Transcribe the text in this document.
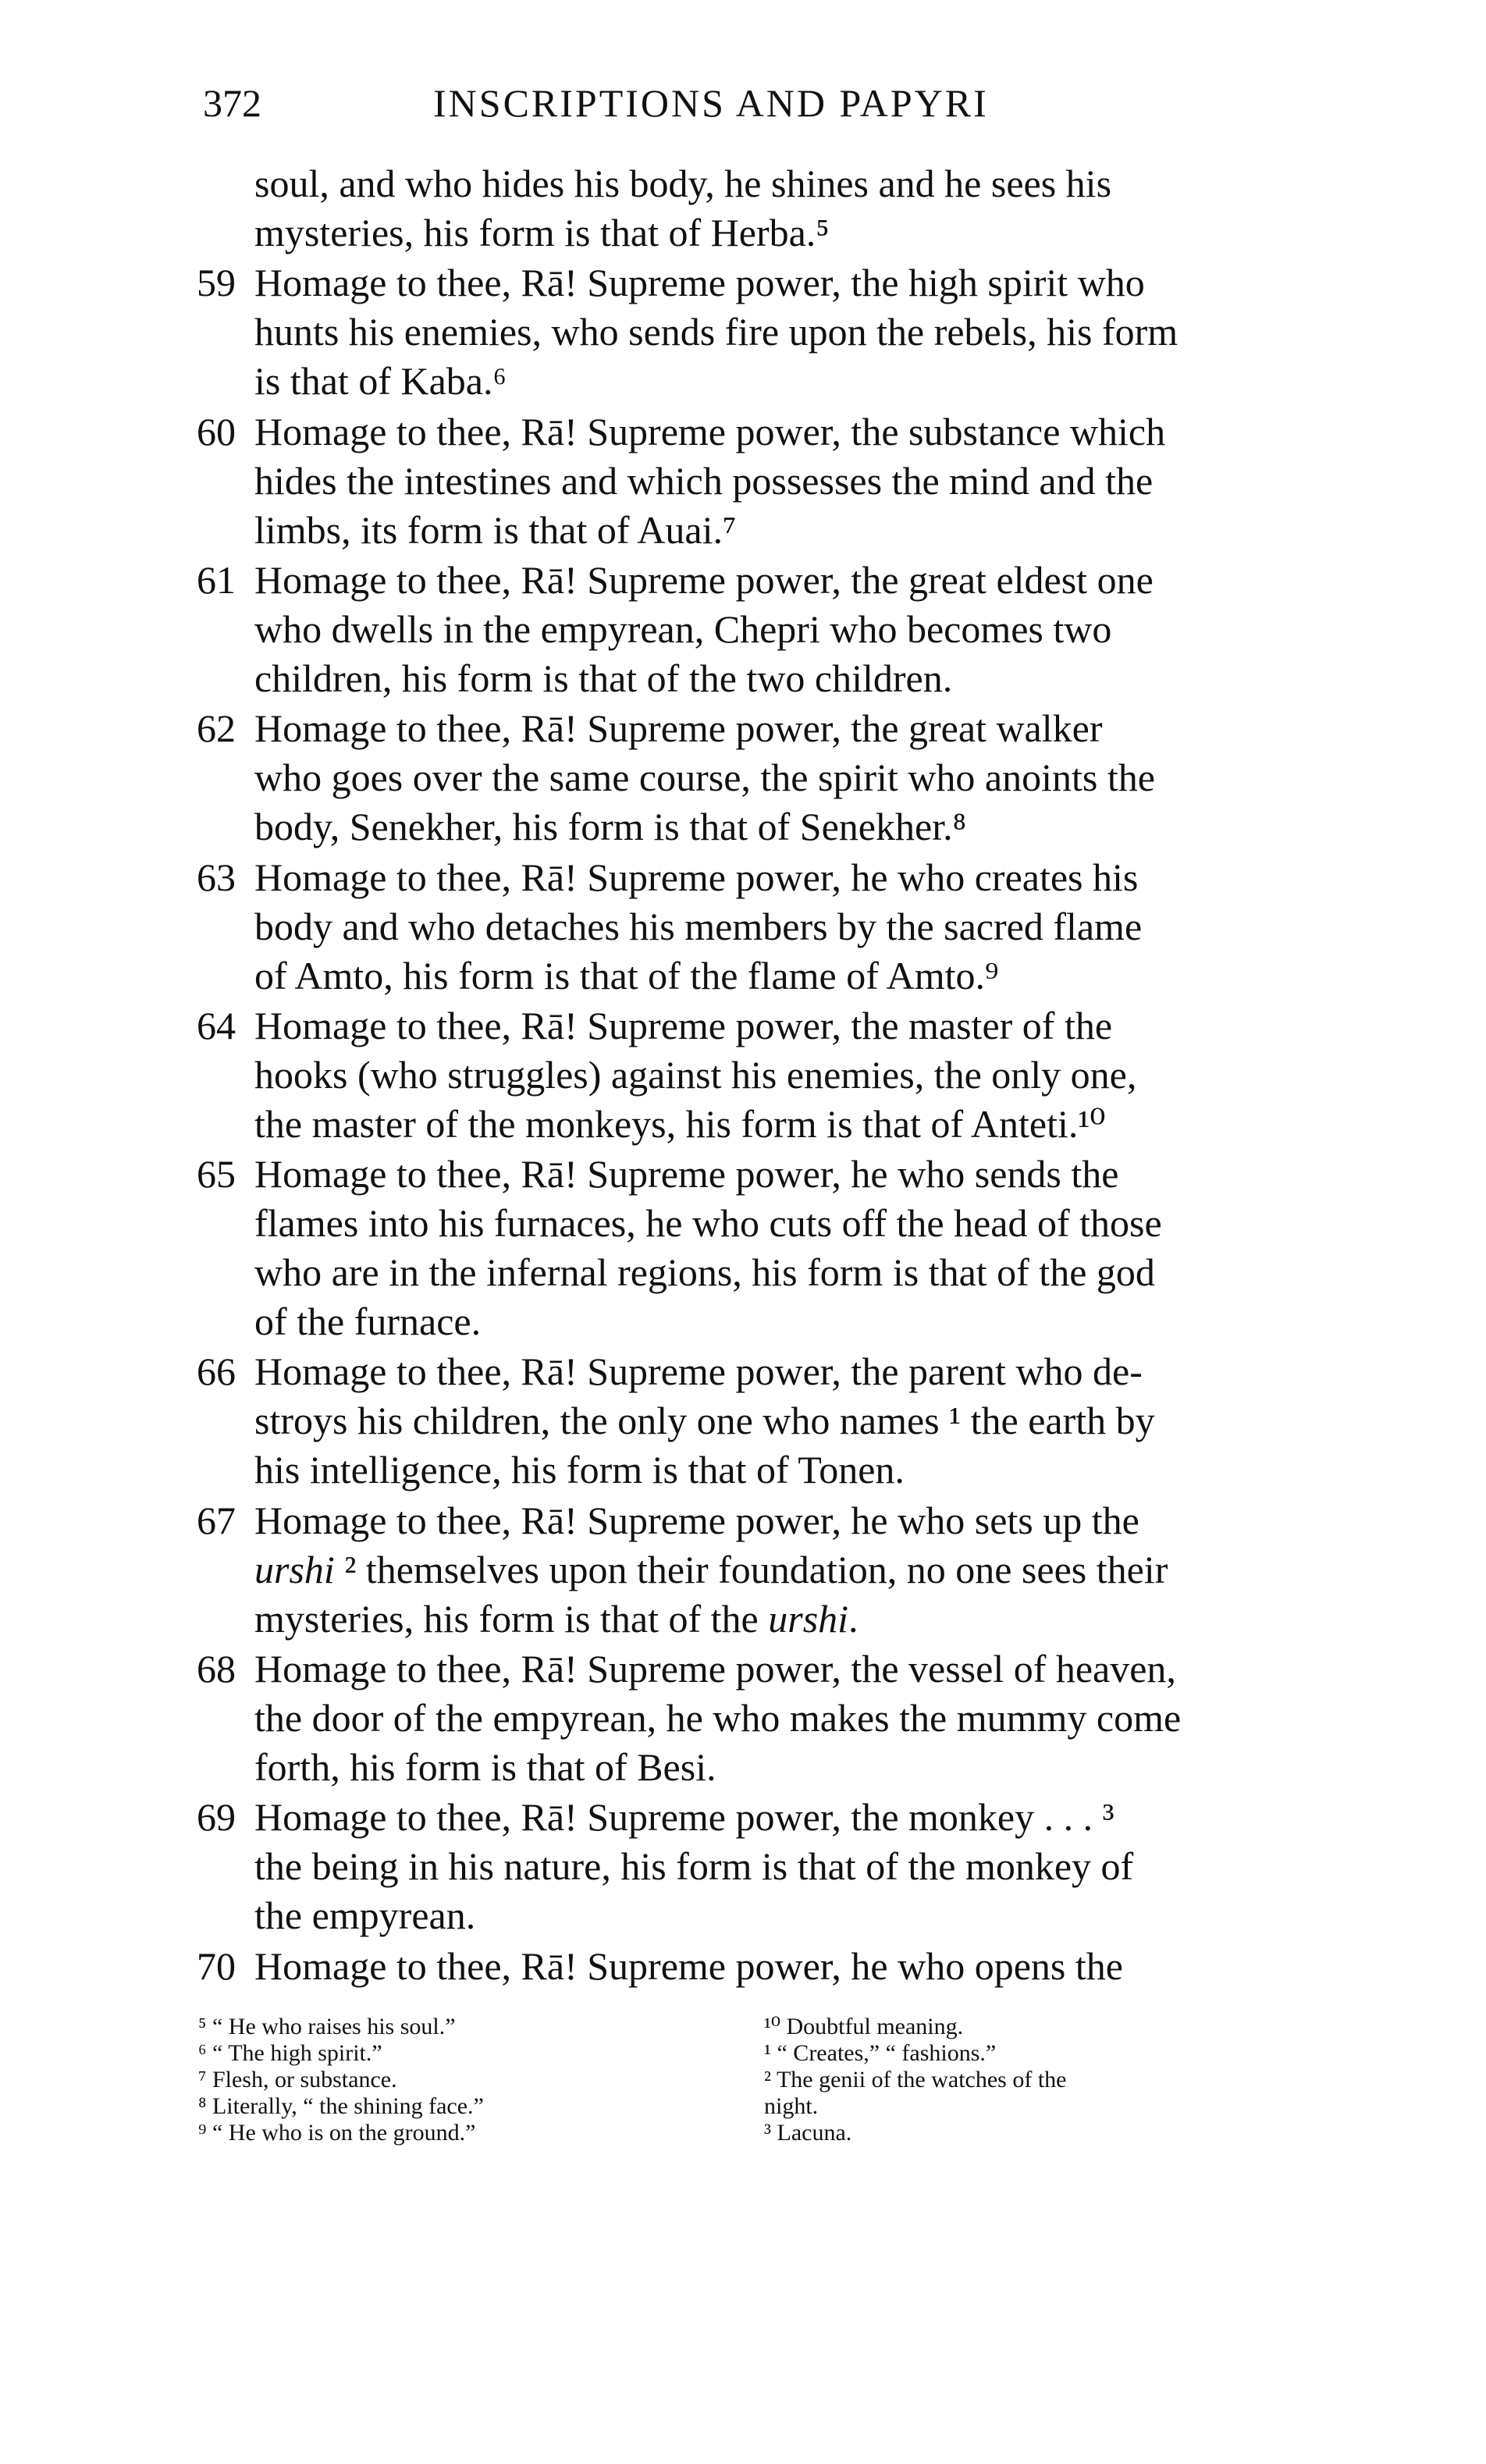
372	INSCRIPTIONS AND PAPYRI
soul, and who hides his body, he shines and he sees his
mysteries, his form is that of Herba.⁵
59 Homage to thee, Rā! Supreme power, the high spirit who
hunts his enemies, who sends fire upon the rebels, his form
is that of Kaba.⁶
60 Homage to thee, Rā! Supreme power, the substance which
hides the intestines and which possesses the mind and the
limbs, its form is that of Auai.⁷
61 Homage to thee, Rā! Supreme power, the great eldest one
who dwells in the empyrean, Chepri who becomes two
children, his form is that of the two children.
62 Homage to thee, Rā! Supreme power, the great walker
who goes over the same course, the spirit who anoints the
body, Senekher, his form is that of Senekher.⁸
63 Homage to thee, Rā! Supreme power, he who creates his
body and who detaches his members by the sacred flame
of Amto, his form is that of the flame of Amto.⁹
64 Homage to thee, Rā! Supreme power, the master of the
hooks (who struggles) against his enemies, the only one,
the master of the monkeys, his form is that of Anteti.¹⁰
65 Homage to thee, Rā! Supreme power, he who sends the
flames into his furnaces, he who cuts off the head of those
who are in the infernal regions, his form is that of the god
of the furnace.
66 Homage to thee, Rā! Supreme power, the parent who de-
stroys his children, the only one who names ¹ the earth by
his intelligence, his form is that of Tonen.
67 Homage to thee, Rā! Supreme power, he who sets up the
urshi ² themselves upon their foundation, no one sees their
mysteries, his form is that of the urshi.
68 Homage to thee, Rā! Supreme power, the vessel of heaven,
the door of the empyrean, he who makes the mummy come
forth, his form is that of Besi.
69 Homage to thee, Rā! Supreme power, the monkey . . . ³
the being in his nature, his form is that of the monkey of
the empyrean.
70 Homage to thee, Rā! Supreme power, he who opens the
⁵ “ He who raises his soul.”
⁶ “ The high spirit.”
⁷ Flesh, or substance.
⁸ Literally, “ the shining face.”
⁹ “ He who is on the ground.”
¹⁰ Doubtful meaning.
¹ “ Creates,” “ fashions.”
² The genii of the watches of the
night.
³ Lacuna.
